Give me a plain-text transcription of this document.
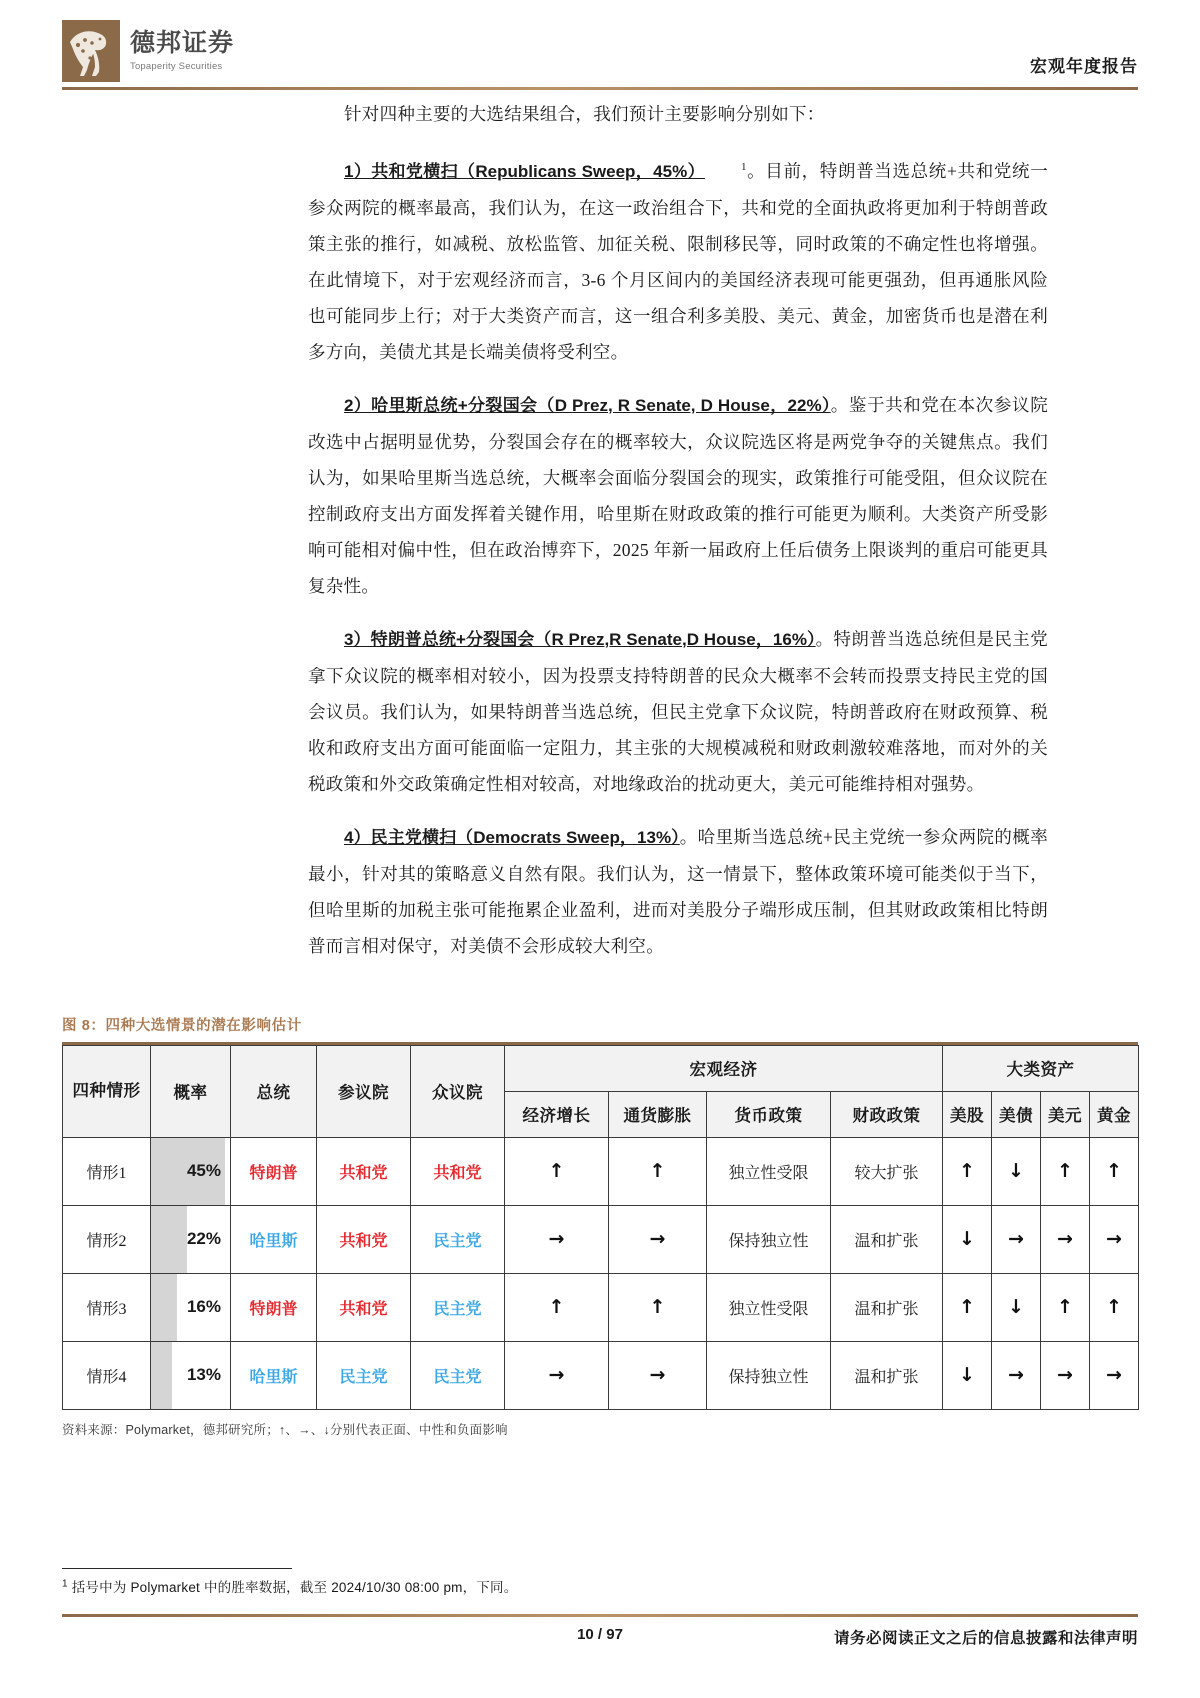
德邦证券
Topaperity Securities	宏观年度报告

针对四种主要的大选结果组合，我们预计主要影响分别如下：

1）共和党横扫（Republicans Sweep，45%）	$^1$。目前，特朗普当选总统+共和党统一参众两院的概率最高，我们认为，在这一政治组合下，共和党的全面执政将更加利于特朗普政策主张的推行，如减税、放松监管、加征关税、限制移民等，同时政策的不确定性也将增强。在此情境下，对于宏观经济而言，3-6 个月区间内的美国经济表现可能更强劲，但再通胀风险也可能同步上行；对于大类资产而言，这一组合利多美股、美元、黄金，加密货币也是潜在利多方向，美债尤其是长端美债将受利空。

2）哈里斯总统+分裂国会（D Prez, R Senate, D House，22%）。鉴于共和党在本次参议院改选中占据明显优势，分裂国会存在的概率较大，众议院选区将是两党争夺的关键焦点。我们认为，如果哈里斯当选总统，大概率会面临分裂国会的现实，政策推行可能受阻，但众议院在控制政府支出方面发挥着关键作用，哈里斯在财政政策的推行可能更为顺利。大类资产所受影响可能相对偏中性，但在政治博弈下，2025 年新一届政府上任后债务上限谈判的重启可能更具复杂性。

3）特朗普总统+分裂国会（R Prez,R Senate,D House，16%）。特朗普当选总统但是民主党拿下众议院的概率相对较小，因为投票支持特朗普的民众大概率不会转而投票支持民主党的国会议员。我们认为，如果特朗普当选总统，但民主党拿下众议院，特朗普政府在财政预算、税收和政府支出方面可能面临一定阻力，其主张的大规模减税和财政刺激较难落地，而对外的关税政策和外交政策确定性相对较高，对地缘政治的扰动更大，美元可能维持相对强势。

4）民主党横扫（Democrats Sweep，13%）。哈里斯当选总统+民主党统一参众两院的概率最小，针对其的策略意义自然有限。我们认为，这一情景下，整体政策环境可能类似于当下，但哈里斯的加税主张可能拖累企业盈利，进而对美股分子端形成压制，但其财政政策相比特朗普而言相对保守，对美债不会形成较大利空。

图 8：四种大选情景的潜在影响估计
四种情形	概率	总统	参议院	众议院	宏观经济				大类资产			
					经济增长	通货膨胀	货币政策	财政政策	美股	美债	美元	黄金
情形1	45%	特朗普	共和党	共和党	↑	↑	独立性受限	较大扩张	↑	↓	↑	↑
情形2	22%	哈里斯	共和党	民主党	→	→	保持独立性	温和扩张	↓	→	→	→
情形3	16%	特朗普	共和党	民主党	↑	↑	独立性受限	温和扩张	↑	↓	↑	↑
情形4	13%	哈里斯	民主党	民主党	→	→	保持独立性	温和扩张	↓	→	→	→
资料来源：Polymarket，德邦研究所；↑、→、↓分别代表正面、中性和负面影响
$^1$ 括号中为 Polymarket 中的胜率数据，截至 2024/10/30 08:00 pm，下同。
10 / 97	请务必阅读正文之后的信息披露和法律声明
